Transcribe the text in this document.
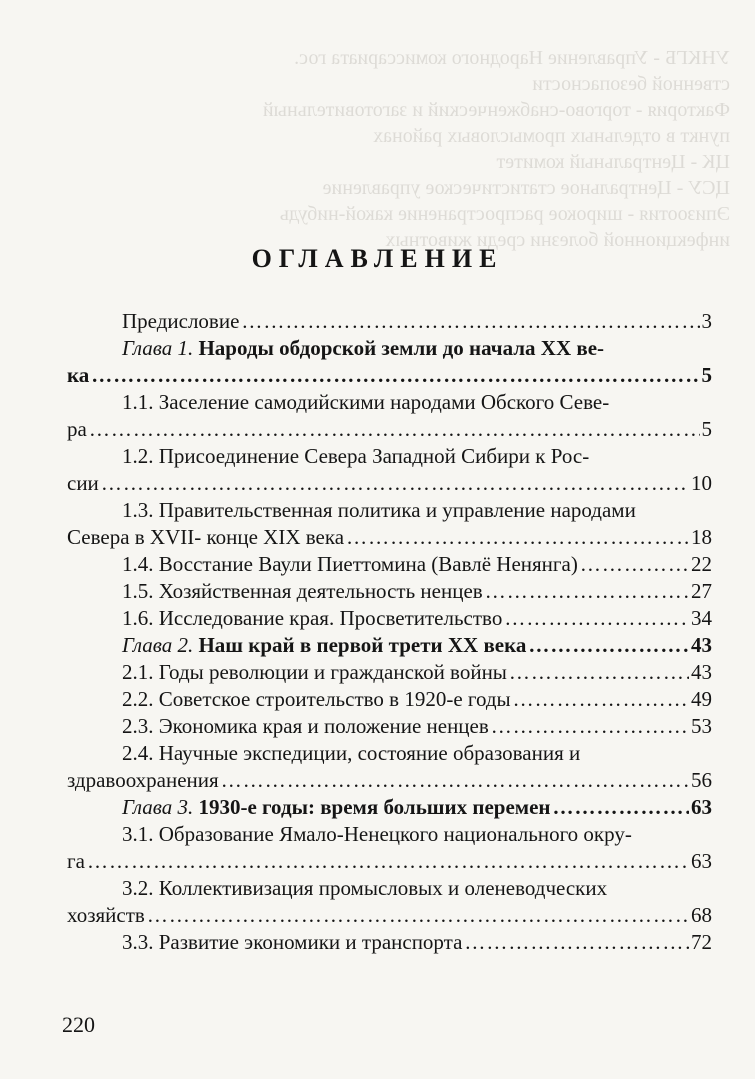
УНКГБ - Управление Народного комиссариата гос.
ственной безопасности
Фактория - торгово-снабженческий и заготовительный
пункт в отдельных промысловых районах
ЦК - Центральный комитет
ЦСУ - Центральное статистическое управление
Эпизоотия - широкое распространение какой-нибудь
инфекционной болезни среди животных
ОГЛАВЛЕНИЕ
Предисловие ………………………………………………………………………………………………………………………………………………	3
Глава 1. Народы обдорской земли до начала XX ве-
ка ………………………………………………………………………………………………………………………………………………	5
1.1. Заселение самодийскими народами Обского Севе-
ра ………………………………………………………………………………………………………………………………………………	5
1.2. Присоединение Севера Западной Сибири к Рос-
сии ………………………………………………………………………………………………………………………………………………	10
1.3. Правительственная политика и управление народами
Севера в XVII- конце XIX века ………………………………………………………………………………………………………………………………………………	18
1.4. Восстание Ваули Пиеттомина (Вавлё Ненянга) ………………………………………………………………………………………………………………………………………………	22
1.5. Хозяйственная деятельность ненцев ………………………………………………………………………………………………………………………………………………	27
1.6. Исследование края. Просветительство ………………………………………………………………………………………………………………………………………………	34
Глава 2. Наш край в первой трети XX века ………………………………………………………………………………………………………………………………………………	43
2.1. Годы революции и гражданской войны ………………………………………………………………………………………………………………………………………………	43
2.2. Советское строительство в 1920-е годы ………………………………………………………………………………………………………………………………………………	49
2.3. Экономика края и положение ненцев ………………………………………………………………………………………………………………………………………………	53
2.4. Научные экспедиции, состояние образования и
здравоохранения ………………………………………………………………………………………………………………………………………………	56
Глава 3. 1930-е годы: время больших перемен ………………………………………………………………………………………………………………………………………………	63
3.1. Образование Ямало-Ненецкого национального окру-
га ………………………………………………………………………………………………………………………………………………	63
3.2. Коллективизация промысловых и оленеводческих
хозяйств ………………………………………………………………………………………………………………………………………………	68
3.3. Развитие экономики и транспорта ………………………………………………………………………………………………………………………………………………	72
220
